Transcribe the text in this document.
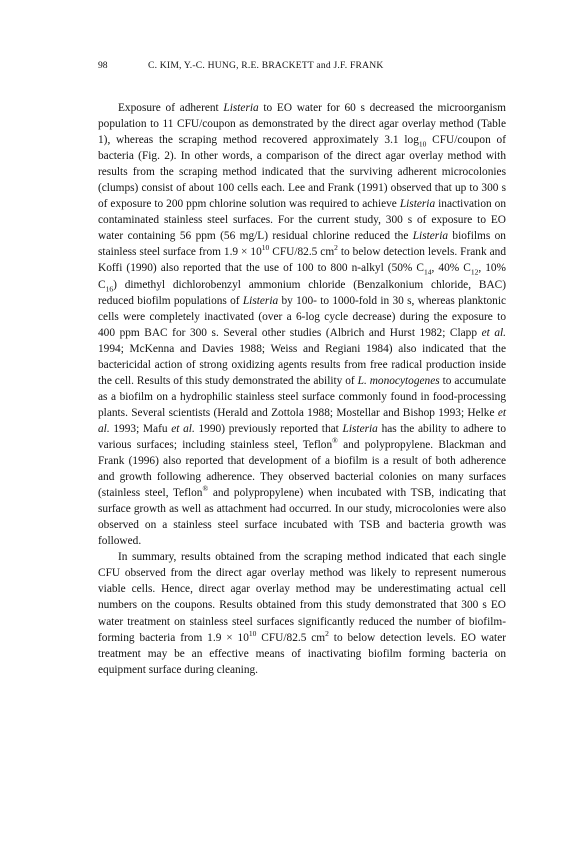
98	C. KIM, Y.-C. HUNG, R.E. BRACKETT and J.F. FRANK

Exposure of adherent Listeria to EO water for 60 s decreased the microorganism population to 11 CFU/coupon as demonstrated by the direct agar overlay method (Table 1), whereas the scraping method recovered approximately 3.1 $\log_{10}$ CFU/coupon of bacteria (Fig. 2). In other words, a comparison of the direct agar overlay method with results from the scraping method indicated that the surviving adherent microcolonies (clumps) consist of about 100 cells each. Lee and Frank (1991) observed that up to 300 s of exposure to 200 ppm chlorine solution was required to achieve Listeria inactivation on contaminated stainless steel surfaces. For the current study, 300 s of exposure to EO water containing 56 ppm (56 mg/L) residual chlorine reduced the Listeria biofilms on stainless steel surface from $1.9 \times 10^{10}$ CFU/82.5 $cm^2$ to below detection levels. Frank and Koffi (1990) also reported that the use of 100 to 800 n-alkyl (50% $C_{14}$, 40% $C_{12}$, 10% $C_{16}$) dimethyl dichlorobenzyl ammonium chloride (Benzalkonium chloride, BAC) reduced biofilm populations of Listeria by 100- to 1000-fold in 30 s, whereas planktonic cells were completely inactivated (over a 6-log cycle decrease) during the exposure to 400 ppm BAC for 300 s. Several other studies (Albrich and Hurst 1982; Clapp et al. 1994; McKenna and Davies 1988; Weiss and Regiani 1984) also indicated that the bactericidal action of strong oxidizing agents results from free radical production inside the cell. Results of this study demonstrated the ability of L. monocytogenes to accumulate as a biofilm on a hydrophilic stainless steel surface commonly found in food-processing plants. Several scientists (Herald and Zottola 1988; Mostellar and Bishop 1993; Helke et al. 1993; Mafu et al. 1990) previously reported that Listeria has the ability to adhere to various surfaces; including stainless steel, Teflon® and polypropylene. Blackman and Frank (1996) also reported that development of a biofilm is a result of both adherence and growth following adherence. They observed bacterial colonies on many surfaces (stainless steel, Teflon® and polypropylene) when incubated with TSB, indicating that surface growth as well as attachment had occurred. In our study, microcolonies were also observed on a stainless steel surface incubated with TSB and bacteria growth was followed.

In summary, results obtained from the scraping method indicated that each single CFU observed from the direct agar overlay method was likely to represent numerous viable cells. Hence, direct agar overlay method may be underestimating actual cell numbers on the coupons. Results obtained from this study demonstrated that 300 s EO water treatment on stainless steel surfaces significantly reduced the number of biofilm-forming bacteria from $1.9 \times 10^{10}$ CFU/82.5 $cm^2$ to below detection levels. EO water treatment may be an effective means of inactivating biofilm forming bacteria on equipment surface during cleaning.
